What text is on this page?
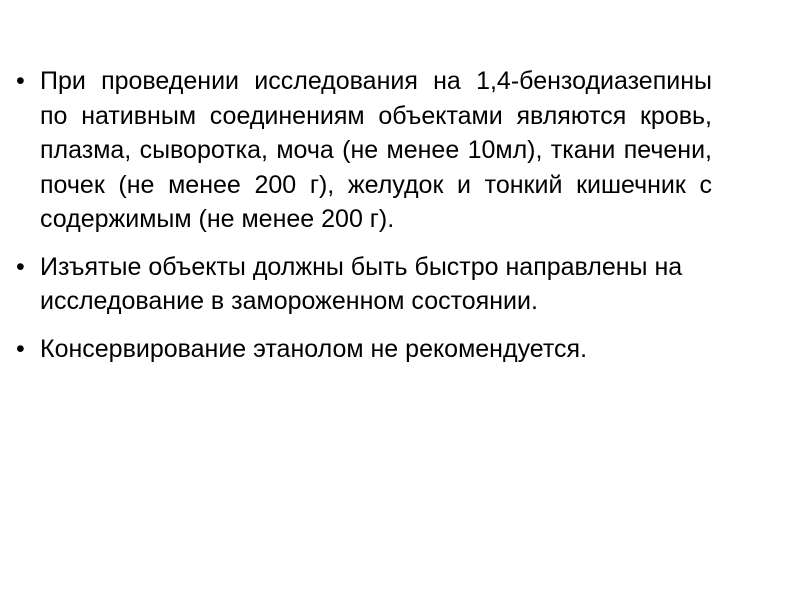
• При проведении исследования на 1,4-бензодиазепины по нативным соединениям объектами являются кровь, плазма, сыворотка, моча (не менее 10мл), ткани печени, почек (не менее 200 г), желудок и тонкий кишечник с содержимым (не менее 200 г).
• Изъятые объекты должны быть быстро направлены на исследование в замороженном состоянии.
• Консервирование этанолом не рекомендуется.
